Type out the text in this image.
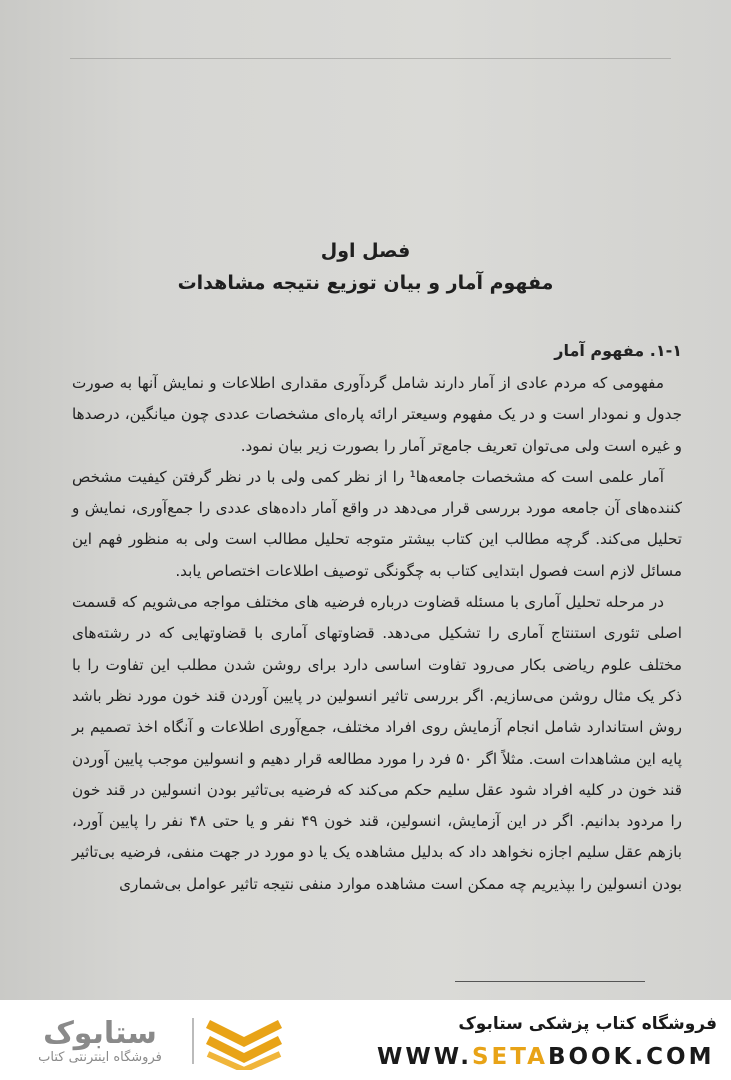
فصل اول

مفهوم آمار و بیان توزیع نتیجه مشاهدات

۱-۱. مفهوم آمار

مفهومی که مردم عادی از آمار دارند شامل گردآوری مقداری اطلاعات و نمایش آنها به صورت جدول و نمودار است و در یک مفهوم وسیعتر ارائه پاره‌ای مشخصات عددی چون میانگین، درصدها و غیره است ولی می‌توان تعریف جامع‌تر آمار را بصورت زیر بیان نمود.

آمار علمی است که مشخصات جامعه‌ها¹ را از نظر کمی ولی با در نظر گرفتن کیفیت مشخص کننده‌های آن جامعه مورد بررسی قرار می‌دهد در واقع آمار داده‌های عددی را جمع‌آوری، نمایش و تحلیل می‌کند. گرچه مطالب این کتاب بیشتر متوجه تحلیل مطالب است ولی به منظور فهم این مسائل لازم است فصول ابتدایی کتاب به چگونگی توصیف اطلاعات اختصاص یابد.

در مرحله تحلیل آماری با مسئله قضاوت درباره فرضیه های مختلف مواجه می‌شویم که قسمت اصلی تئوری استنتاج آماری را تشکیل می‌دهد. قضاوتهای آماری با قضاوتهایی که در رشته‌های مختلف علوم ریاضی بکار می‌رود تفاوت اساسی دارد برای روشن شدن مطلب این تفاوت را با ذکر یک مثال روشن می‌سازیم. اگر بررسی تاثیر انسولین در پایین آوردن قند خون مورد نظر باشد روش استاندارد شامل انجام آزمایش روی افراد مختلف، جمع‌آوری اطلاعات و آنگاه اخذ تصمیم بر پایه این مشاهدات است. مثلاً اگر ۵۰ فرد را مورد مطالعه قرار دهیم و انسولین موجب پایین آوردن قند خون در کلیه افراد شود عقل سلیم حکم می‌کند که فرضیه بی‌تاثیر بودن انسولین در قند خون را مردود بدانیم. اگر در این آزمایش، انسولین، قند خون ۴۹ نفر و یا حتی ۴۸ نفر را پایین آورد، بازهم عقل سلیم اجازه نخواهد داد که بدلیل مشاهده یک یا دو مورد در جهت منفی، فرضیه بی‌تاثیر بودن انسولین را بپذیریم چه ممکن است مشاهده موارد منفی نتیجه تاثیر عوامل بی‌شماری

فروشگاه کتاب پزشکی ستابوک
WWW.SETABOOK.COM
ستابوک
فروشگاه اینترنتی کتاب
